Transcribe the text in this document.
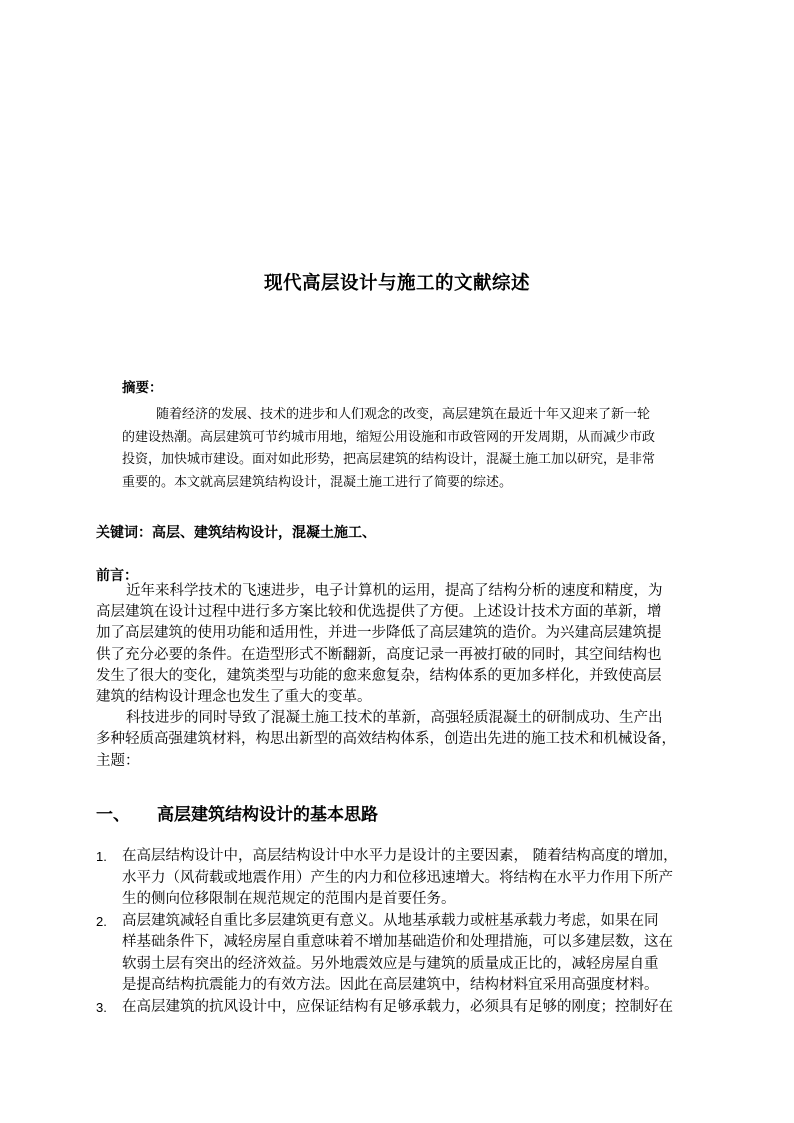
现代高层设计与施工的文献综述
摘要：
随着经济的发展、技术的进步和人们观念的改变，高层建筑在最近十年又迎来了新一轮
的建设热潮。高层建筑可节约城市用地，缩短公用设施和市政管网的开发周期，从而减少市政
投资，加快城市建设。面对如此形势，把高层建筑的结构设计，混凝土施工加以研究，是非常
重要的。本文就高层建筑结构设计，混凝土施工进行了简要的综述。
关键词：高层、建筑结构设计，混凝土施工、
前言：
近年来科学技术的飞速进步，电子计算机的运用，提高了结构分析的速度和精度，为
高层建筑在设计过程中进行多方案比较和优选提供了方便。上述设计技术方面的革新，增
加了高层建筑的使用功能和适用性，并进一步降低了高层建筑的造价。为兴建高层建筑提
供了充分必要的条件。在造型形式不断翻新，高度记录一再被打破的同时，其空间结构也
发生了很大的变化，建筑类型与功能的愈来愈复杂，结构体系的更加多样化，并致使高层
建筑的结构设计理念也发生了重大的变革。
科技进步的同时导致了混凝土施工技术的革新，高强轻质混凝土的研制成功、生产出
多种轻质高强建筑材料，构思出新型的高效结构体系，创造出先进的施工技术和机械设备，
主题：
一、 高层建筑结构设计的基本思路
1. 在高层结构设计中，高层结构设计中水平力是设计的主要因素， 随着结构高度的增加，
水平力（风荷载或地震作用）产生的内力和位移迅速增大。将结构在水平力作用下所产
生的侧向位移限制在规范规定的范围内是首要任务。
2. 高层建筑减轻自重比多层建筑更有意义。从地基承载力或桩基承载力考虑，如果在同
样基础条件下，减轻房屋自重意味着不增加基础造价和处理措施，可以多建层数，这在
软弱土层有突出的经济效益。另外地震效应是与建筑的质量成正比的，减轻房屋自重
是提高结构抗震能力的有效方法。因此在高层建筑中，结构材料宜采用高强度材料。
3. 在高层建筑的抗风设计中，应保证结构有足够承载力，必须具有足够的刚度；控制好在
